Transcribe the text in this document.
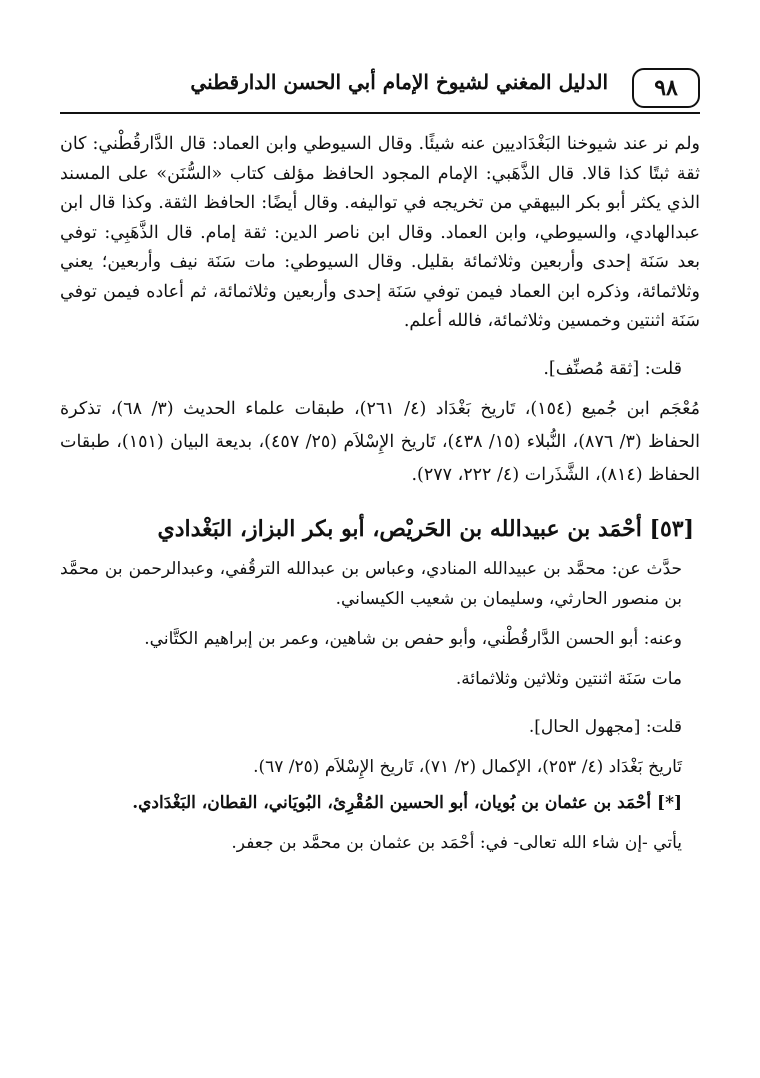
٩٨
الدليل المغني لشيوخ الإمام أبي الحسن الدارقطني

ولم نر عند شيوخنا البَغْدَاديين عنه شيئًا. وقال السيوطي وابن العماد: قال الدَّارقُطْني: كان ثقة ثبتًا كذا قالا. قال الذَّهَبي: الإمام المجود الحافظ مؤلف كتاب «السُّنَن» على المسند الذي يكثر أبو بكر البيهقي من تخريجه في تواليفه. وقال أيضًا: الحافظ الثقة. وكذا قال ابن عبدالهادي، والسيوطي، وابن العماد. وقال ابن ناصر الدين: ثقة إمام. قال الذَّهَبِي: توفي بعد سَنَة إحدى وأربعين وثلاثمائة بقليل. وقال السيوطي: مات سَنَة نيف وأربعين؛ يعني وثلاثمائة، وذكره ابن العماد فيمن توفي سَنَة إحدى وأربعين وثلاثمائة، ثم أعاده فيمن توفي سَنَة اثنتين وخمسين وثلاثمائة، فالله أعلم.

قلت: [ثقة مُصنِّف].
مُعْجَم ابن جُميع (١٥٤)، تَاريخ بَغْدَاد (٤/ ٢٦١)، طبقات علماء الحديث (٣/ ٦٨)، تذكرة الحفاظ (٣/ ٨٧٦)، النُّبلاء (١٥/ ٤٣٨)، تَاريخ الإِسْلاَم (٢٥/ ٤٥٧)، بديعة البيان (١٥١)، طبقات الحفاظ (٨١٤)، الشَّذَرات (٤/ ٢٢٢، ٢٧٧).
[٥٣] أحْمَد بن عبيدالله بن الحَريْص، أبو بكر البزاز، البَغْدادي

حدَّث عن: محمَّد بن عبيدالله المنادي، وعباس بن عبدالله الترقُفي، وعبدالرحمن بن محمَّد بن منصور الحارثي، وسليمان بن شعيب الكيساني.

وعنه: أبو الحسن الدَّارقُطْني، وأبو حفص بن شاهين، وعمر بن إبراهيم الكتَّاني.

مات سَنَة اثنتين وثلاثين وثلاثمائة.

قلت: [مجهول الحال].

تَاريخ بَغْدَاد (٤/ ٢٥٣)، الإكمال (٢/ ٧١)، تَاريخ الإِسْلاَم (٢٥/ ٦٧).

[*] أحْمَد بن عثمان بن بُويان، أبو الحسين المُقْرِئ، البُويَاني، القطان، البَغْدَادي.

يأتي -إن شاء الله تعالى- في: أحْمَد بن عثمان بن محمَّد بن جعفر.
